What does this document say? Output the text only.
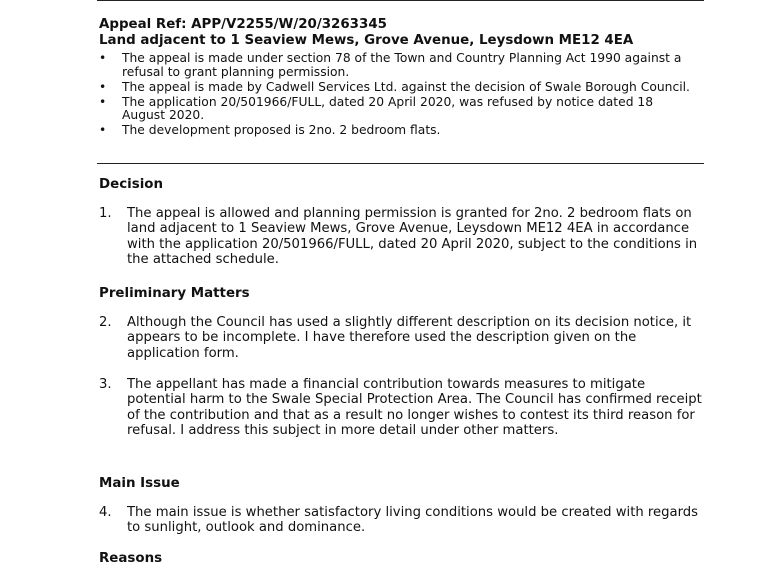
Appeal Ref: APP/V2255/W/20/3263345
Land adjacent to 1 Seaview Mews, Grove Avenue, Leysdown ME12 4EA
• The appeal is made under section 78 of the Town and Country Planning Act 1990 against a refusal to grant planning permission.
• The appeal is made by Cadwell Services Ltd. against the decision of Swale Borough Council.
• The application 20/501966/FULL, dated 20 April 2020, was refused by notice dated 18 August 2020.
• The development proposed is 2no. 2 bedroom flats.
Decision
1.	The appeal is allowed and planning permission is granted for 2no. 2 bedroom flats on land adjacent to 1 Seaview Mews, Grove Avenue, Leysdown ME12 4EA in accordance with the application 20/501966/FULL, dated 20 April 2020, subject to the conditions in the attached schedule.
Preliminary Matters
2.	Although the Council has used a slightly different description on its decision notice, it appears to be incomplete. I have therefore used the description given on the application form.
3.	The appellant has made a financial contribution towards measures to mitigate potential harm to the Swale Special Protection Area. The Council has confirmed receipt of the contribution and that as a result no longer wishes to contest its third reason for refusal. I address this subject in more detail under other matters.
Main Issue
4.	The main issue is whether satisfactory living conditions would be created with regards to sunlight, outlook and dominance.
Reasons
